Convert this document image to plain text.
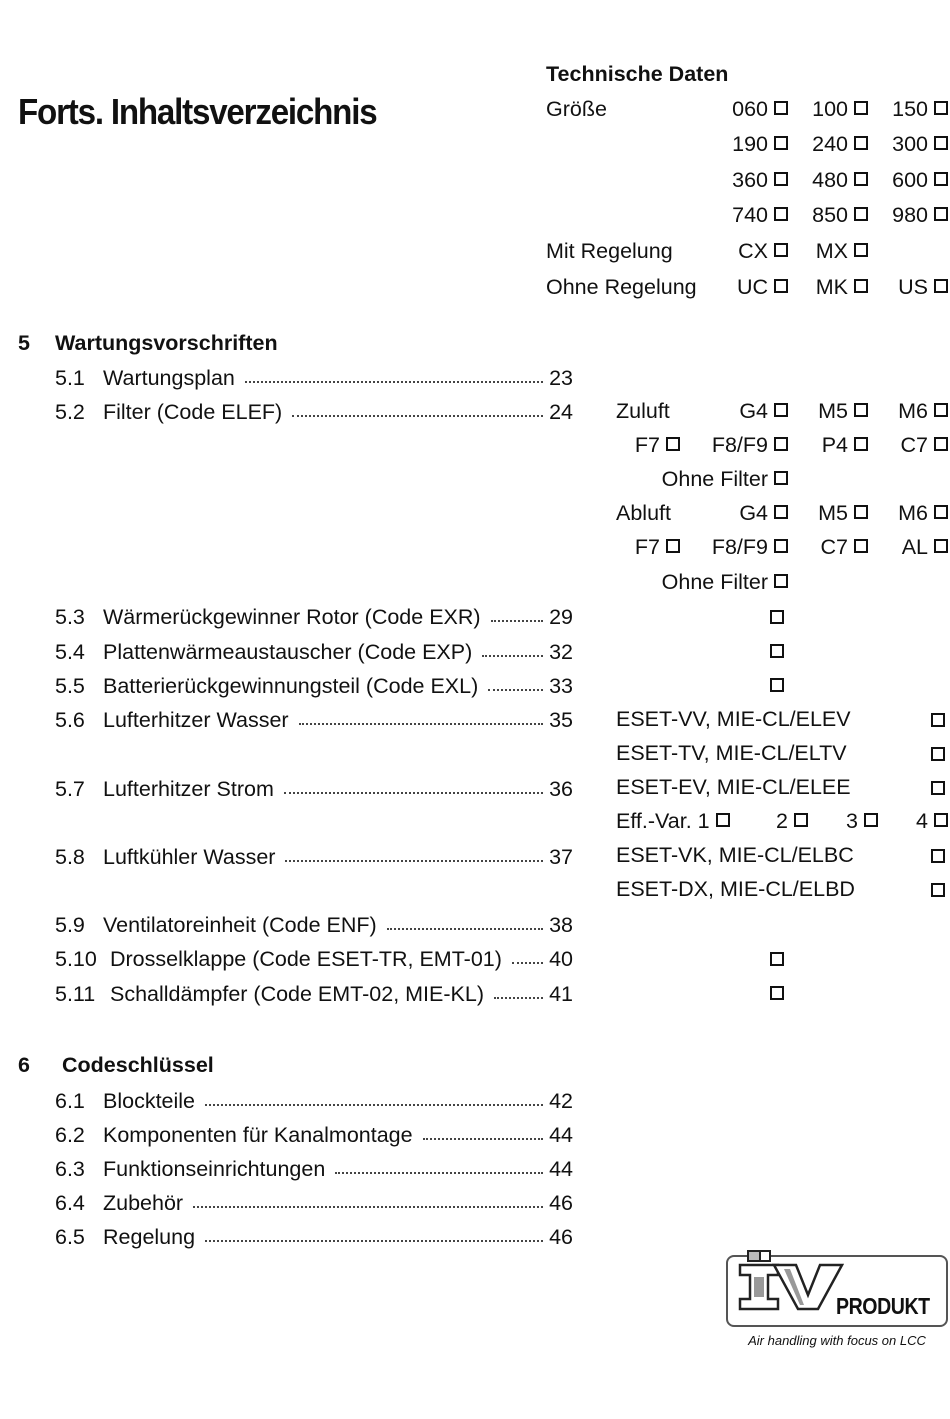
Forts. Inhaltsverzeichnis
Technische Daten
Größe	060	100	150
190	240	300
360	480	600
740	850	980
Mit Regelung	CX	MX
Ohne Regelung	UC	MK	US
5 Wartungsvorschriften
5.1 Wartungsplan	23
5.2 Filter (Code ELEF)	24
5.3 Wärmerückgewinner Rotor (Code EXR)	29
5.4 Plattenwärmeaustauscher (Code EXP)	32
5.5 Batterierückgewinnungsteil (Code EXL)	33
5.6 Lufterhitzer Wasser	35
5.7 Lufterhitzer Strom	36
5.8 Luftkühler Wasser	37
5.9 Ventilatoreinheit (Code ENF)	38
5.10 Drosselklappe (Code ESET-TR, EMT-01) 40
5.11 Schalldämpfer (Code EMT-02, MIE-KL)	41
Zuluft	G4	M5	M6
F7	F8/F9	P4	C7
Ohne Filter
Abluft	G4	M5	M6
F7	F8/F9	C7	AL
Ohne Filter
ESET-VV, MIE-CL/ELEV
ESET-TV, MIE-CL/ELTV
ESET-EV, MIE-CL/ELEE
Eff.-Var. 1	2	3	4
ESET-VK, MIE-CL/ELBC
ESET-DX, MIE-CL/ELBD
6 Codeschlüssel
6.1 Blockteile	42
6.2 Komponenten für Kanalmontage	44
6.3 Funktionseinrichtungen	44
6.4 Zubehör	46
6.5 Regelung	46
PRODUKT
Air handling with focus on LCC
